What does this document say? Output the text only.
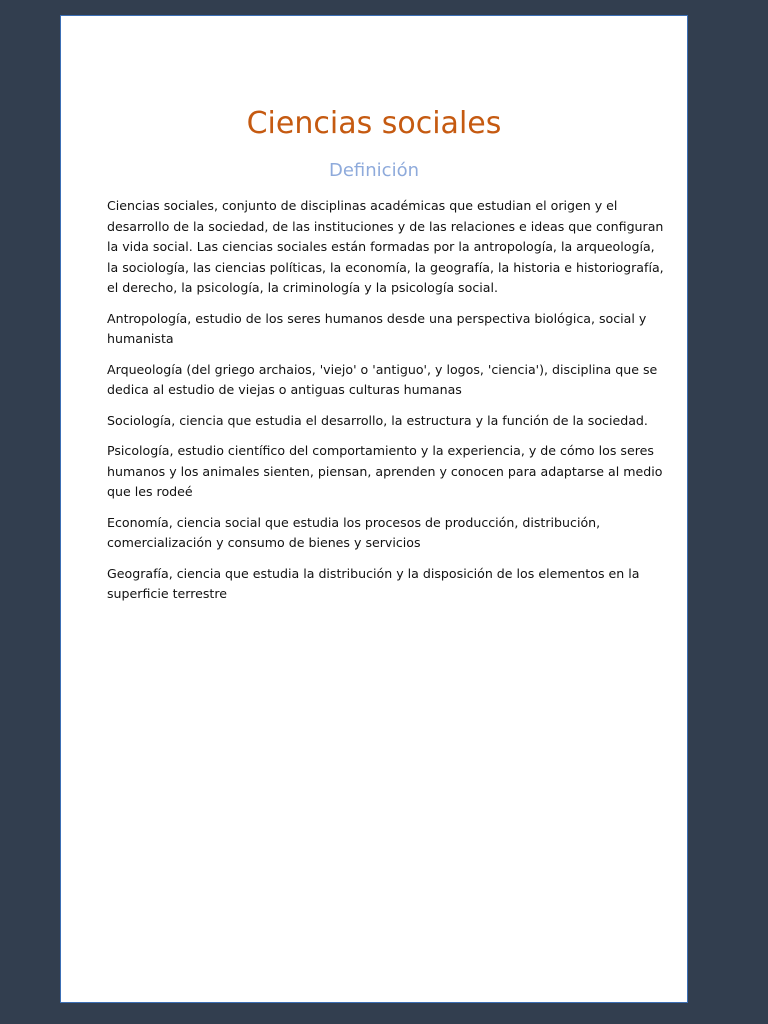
Ciencias sociales
Definición

Ciencias sociales, conjunto de disciplinas académicas que estudian el origen y el desarrollo de la sociedad, de las instituciones y de las relaciones e ideas que configuran la vida social. Las ciencias sociales están formadas por la antropología, la arqueología, la sociología, las ciencias políticas, la economía, la geografía, la historia e historiografía, el derecho, la psicología, la criminología y la psicología social.

Antropología, estudio de los seres humanos desde una perspectiva biológica, social y humanista

Arqueología (del griego archaios, 'viejo' o 'antiguo', y logos, 'ciencia'), disciplina que se dedica al estudio de viejas o antiguas culturas humanas

Sociología, ciencia que estudia el desarrollo, la estructura y la función de la sociedad.

Psicología, estudio científico del comportamiento y la experiencia, y de cómo los seres humanos y los animales sienten, piensan, aprenden y conocen para adaptarse al medio que les rodeé

Economía, ciencia social que estudia los procesos de producción, distribución, comercialización y consumo de bienes y servicios

Geografía, ciencia que estudia la distribución y la disposición de los elementos en la superficie terrestre
